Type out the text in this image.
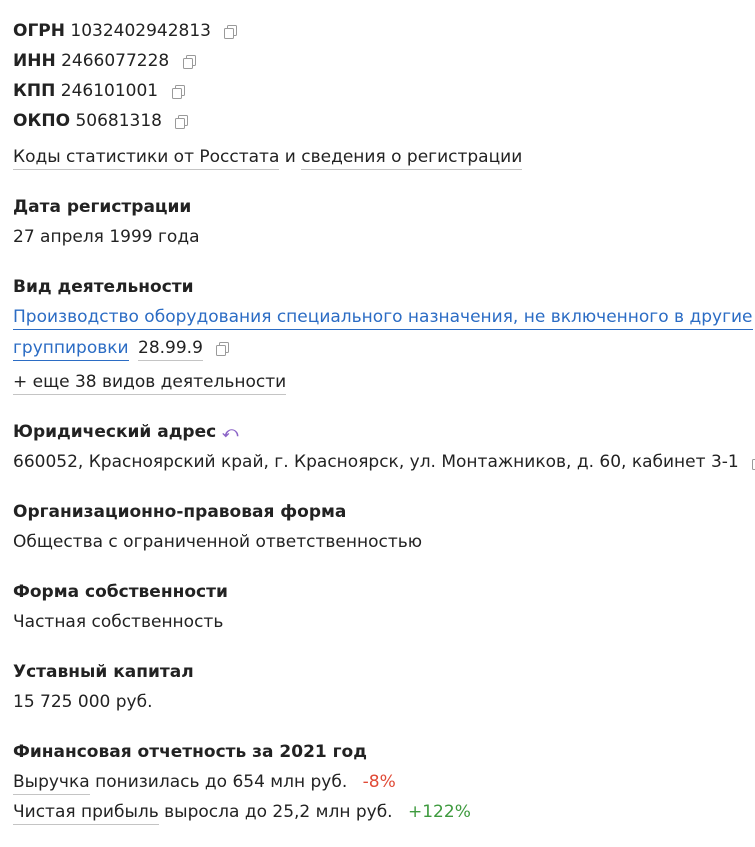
ОГРН 1032402942813
ИНН 2466077228
КПП 246101001
ОКПО 50681318
Коды статистики от Росстата и сведения о регистрации
Дата регистрации
27 апреля 1999 года
Вид деятельности
Производство оборудования специального назначения, не включенного в другие
группировки 28.99.9
+ еще 38 видов деятельности
Юридический адрес ⤺
660052, Красноярский край, г. Красноярск, ул. Монтажников, д. 60, кабинет 3-1
Организационно-правовая форма
Общества с ограниченной ответственностью
Форма собственности
Частная собственность
Уставный капитал
15 725 000 руб.
Финансовая отчетность за 2021 год
Выручка понизилась до 654 млн руб. -8%
Чистая прибыль выросла до 25,2 млн руб. +122%
